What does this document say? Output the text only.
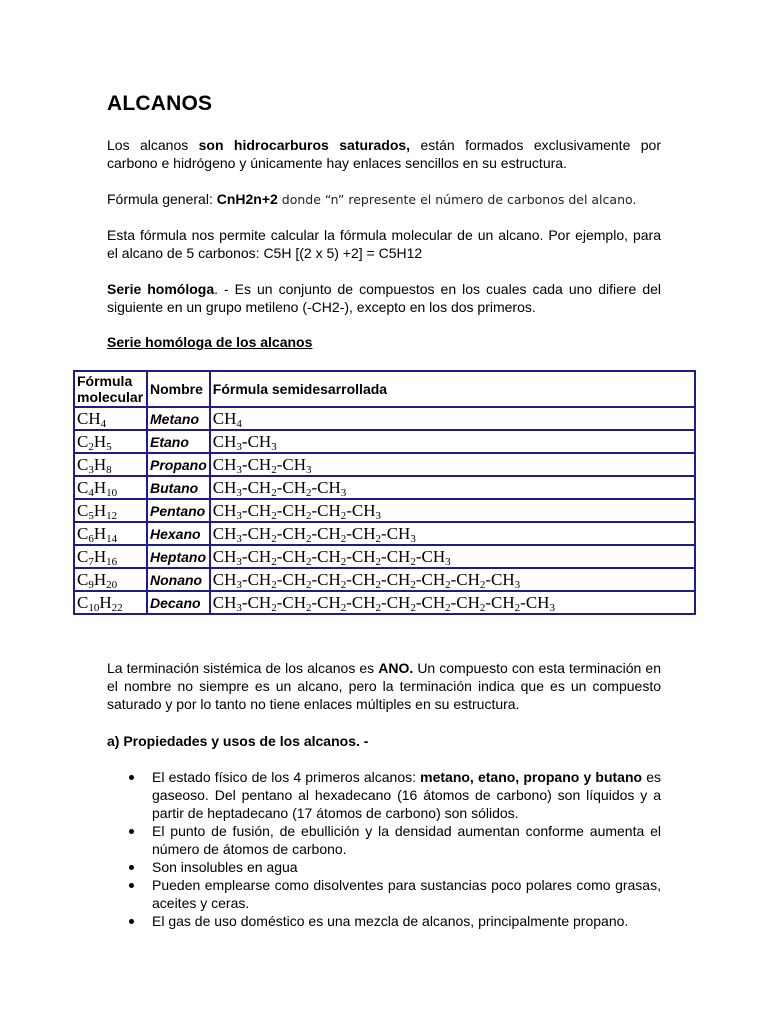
ALCANOS

Los alcanos son hidrocarburos saturados, están formados exclusivamente por carbono e hidrógeno y únicamente hay enlaces sencillos en su estructura.

Fórmula general: CnH2n+2 donde “n” represente el número de carbonos del alcano.

Esta fórmula nos permite calcular la fórmula molecular de un alcano. Por ejemplo, para el alcano de 5 carbonos: C5H [(2 x 5) +2] = C5H12

Serie homóloga. - Es un conjunto de compuestos en los cuales cada uno difiere del siguiente en un grupo metileno (-CH2-), excepto en los dos primeros.

Serie homóloga de los alcanos

Fórmula molecular	Nombre	Fórmula semidesarrollada
$CH_4$	Metano	$CH_4$
$C_2H_5$	Etano	$CH_3-CH_3$
$C_3H_8$	Propano	$CH_3-CH_2-CH_3$
$C_4H_{10}$	Butano	$CH_3-CH_2-CH_2-CH_3$
$C_5H_{12}$	Pentano	$CH_3-CH_2-CH_2-CH_2-CH_3$
$C_6H_{14}$	Hexano	$CH_3-CH_2-CH_2-CH_2-CH_2-CH_3$
$C_7H_{16}$	Heptano	$CH_3-CH_2-CH_2-CH_2-CH_2-CH_2-CH_3$
$C_9H_{20}$	Nonano	$CH_3-CH_2-CH_2-CH_2-CH_2-CH_2-CH_2-CH_2-CH_3$
$C_{10}H_{22}$	Decano	$CH_3-CH_2-CH_2-CH_2-CH_2-CH_2-CH_2-CH_2-CH_2-CH_3$

La terminación sistémica de los alcanos es ANO. Un compuesto con esta terminación en el nombre no siempre es un alcano, pero la terminación indica que es un compuesto saturado y por lo tanto no tiene enlaces múltiples en su estructura.

a) Propiedades y usos de los alcanos. -

El estado físico de los 4 primeros alcanos: metano, etano, propano y butano es gaseoso. Del pentano al hexadecano (16 átomos de carbono) son líquidos y a partir de heptadecano (17 átomos de carbono) son sólidos.
El punto de fusión, de ebullición y la densidad aumentan conforme aumenta el número de átomos de carbono.
Son insolubles en agua
Pueden emplearse como disolventes para sustancias poco polares como grasas, aceites y ceras.
El gas de uso doméstico es una mezcla de alcanos, principalmente propano.
